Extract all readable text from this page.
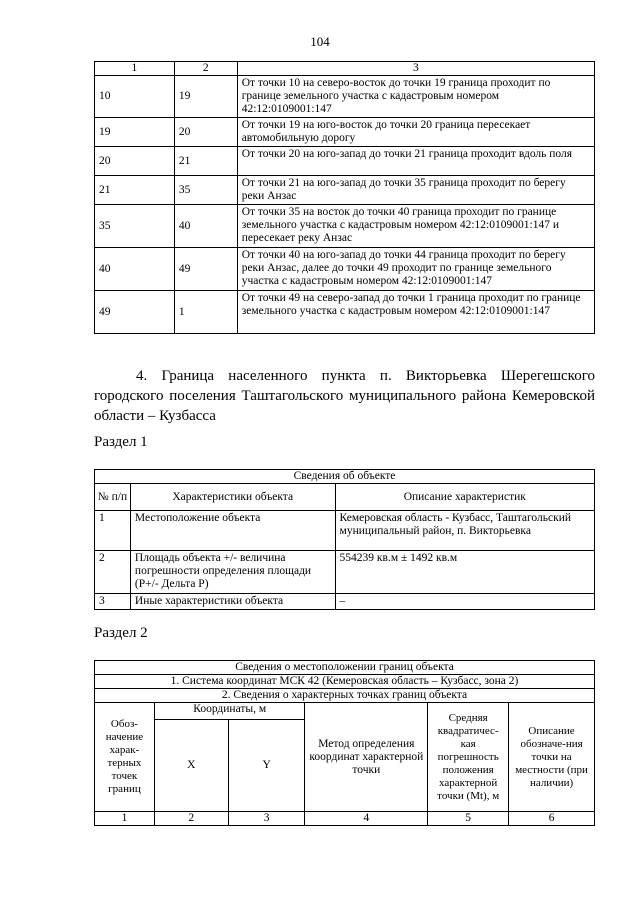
104
1	2	3
10	19	От точки 10 на северо-восток до точки 19 граница проходит по границе земельного участка с кадастровым номером 42:12:0109001:147
19	20	От точки 19 на юго-восток до точки 20 граница пересекает автомобильную дорогу
20	21	От точки 20 на юго-запад до точки 21 граница проходит вдоль поля
21	35	От точки 21 на юго-запад до точки 35 граница проходит по берегу реки Анзас
35	40	От точки 35 на восток до точки 40 граница проходит по границе земельного участка с кадастровым номером 42:12:0109001:147 и пересекает реку Анзас
40	49	От точки 40 на юго-запад до точки 44 граница проходит по берегу реки Анзас, далее до точки 49 проходит по границе земельного участка с кадастровым номером 42:12:0109001:147
49	1	От точки 49 на северо-запад до точки 1 граница проходит по границе земельного участка с кадастровым номером 42:12:0109001:147

4. Граница населенного пункта п. Викторьевка Шерегешского городского поселения Таштагольского муниципального района Кемеровской области – Кузбасса

Раздел 1
Сведения об объекте		
№ п/п	Характеристики объекта	Описание характеристик
1	Местоположение объекта	Кемеровская область - Кузбасс, Таштагольский муниципальный район, п. Викторьевка
2	Площадь объекта +/- величина погрешности определения площади (P+/- Дельта P)	554239 кв.м ± 1492 кв.м
3	Иные характеристики объекта	–
Раздел 2
Сведения о местоположении границ объекта					
1. Система координат МСК 42 (Кемеровская область – Кузбасс, зона 2)					
2. Сведения о характерных точках границ объекта					
Обоз-начение харак-терных точек границ	Координаты, м		Метод определения координат характерной точки	Средняя квадратичес-кая погрешность положения характерной точки (Mt), м	Описание обозначе-ния точки на местности (при наличии)
	X	Y			
1	2	3	4	5	6
